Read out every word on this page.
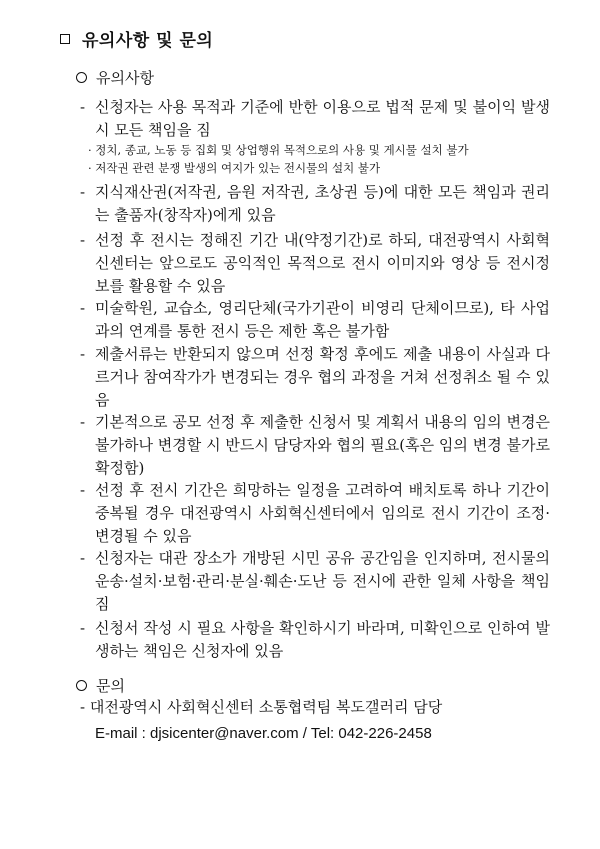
유의사항 및 문의
유의사항
- 신청자는 사용 목적과 기준에 반한 이용으로 법적 문제 및 불이익 발생 시 모든 책임을 짐
· 정치, 종교, 노동 등 집회 및 상업행위 목적으로의 사용 및 게시물 설치 불가
· 저작권 관련 분쟁 발생의 여지가 있는 전시물의 설치 불가
- 지식재산권(저작권, 음원 저작권, 초상권 등)에 대한 모든 책임과 권리는 출품자(창작자)에게 있음
- 선정 후 전시는 정해진 기간 내(약정기간)로 하되, 대전광역시 사회혁신센터는 앞으로도 공익적인 목적으로 전시 이미지와 영상 등 전시정보를 활용할 수 있음
- 미술학원, 교습소, 영리단체(국가기관이 비영리 단체이므로), 타 사업과의 연계를 통한 전시 등은 제한 혹은 불가함
- 제출서류는 반환되지 않으며 선정 확정 후에도 제출 내용이 사실과 다르거나 참여작가가 변경되는 경우 협의 과정을 거쳐 선정취소 될 수 있음
- 기본적으로 공모 선정 후 제출한 신청서 및 계획서 내용의 임의 변경은 불가하나 변경할 시 반드시 담당자와 협의 필요(혹은 임의 변경 불가로 확정함)
- 선정 후 전시 기간은 희망하는 일정을 고려하여 배치토록 하나 기간이 중복될 경우 대전광역시 사회혁신센터에서 임의로 전시 기간이 조정·변경될 수 있음
- 신청자는 대관 장소가 개방된 시민 공유 공간임을 인지하며, 전시물의 운송·설치·보험·관리·분실·훼손·도난 등 전시에 관한 일체 사항을 책임짐
- 신청서 작성 시 필요 사항을 확인하시기 바라며, 미확인으로 인하여 발생하는 책임은 신청자에 있음
문의
- 대전광역시 사회혁신센터 소통협력팀 복도갤러리 담당
E-mail : djsicenter@naver.com / Tel: 042-226-2458
